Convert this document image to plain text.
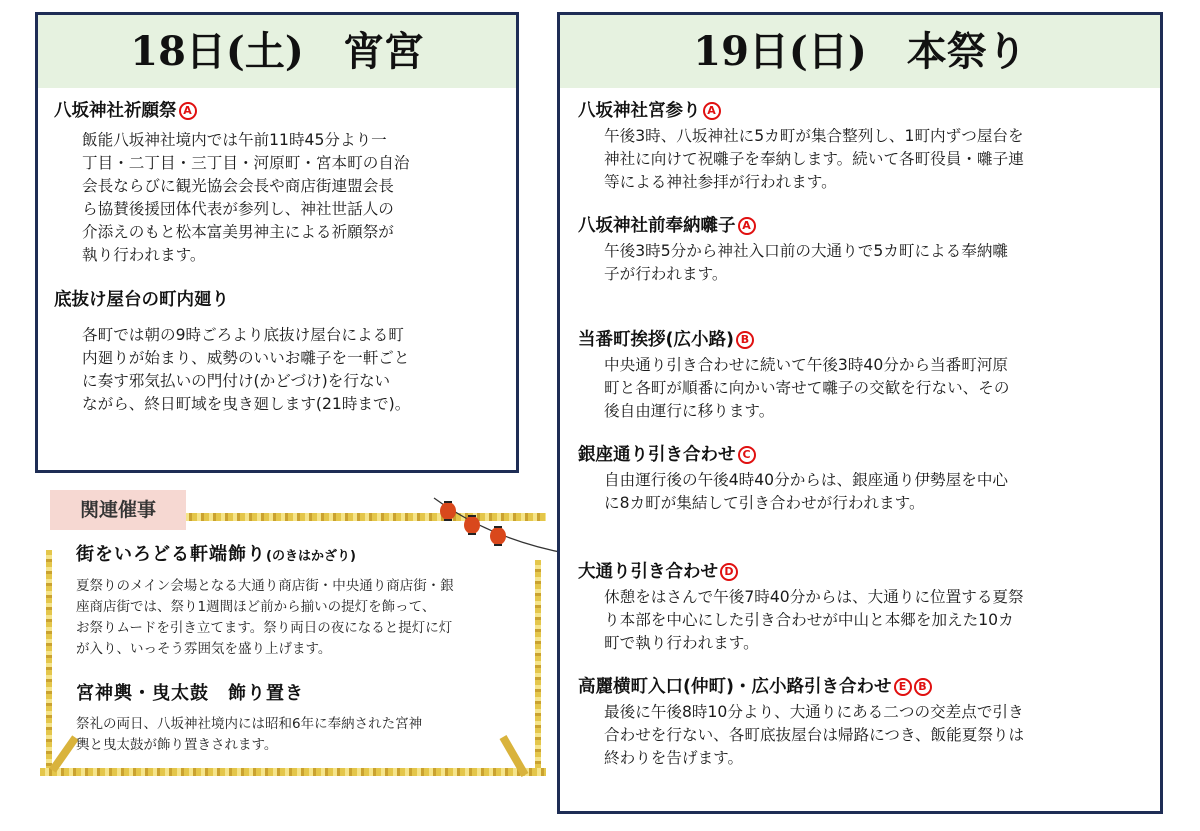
18日(土)　宵宮
八坂神社祈願祭 A
飯能八坂神社境内では午前11時45分より一
丁目・二丁目・三丁目・河原町・宮本町の自治
会長ならびに観光協会会長や商店街連盟会長
ら協賛後援団体代表が参列し、神社世話人の
介添えのもと松本富美男神主による祈願祭が
執り行われます。
底抜け屋台の町内廻り
各町では朝の9時ごろより底抜け屋台による町
内廻りが始まり、威勢のいいお囃子を一軒ごと
に奏す邪気払いの門付け(かどづけ)を行ない
ながら、終日町域を曳き廻します(21時まで)。
関連催事
街をいろどる軒端飾り(のきはかざり)
夏祭りのメイン会場となる大通り商店街・中央通り商店街・銀
座商店街では、祭り1週間ほど前から揃いの提灯を飾って、
お祭りムードを引き立てます。祭り両日の夜になると提灯に灯
が入り、いっそう雰囲気を盛り上げます。
宮神輿・曳太鼓　飾り置き
祭礼の両日、八坂神社境内には昭和6年に奉納された宮神
輿と曳太鼓が飾り置きされます。
19日(日)　本祭り
八坂神社宮参り A
午後3時、八坂神社に5カ町が集合整列し、1町内ずつ屋台を
神社に向けて祝囃子を奉納します。続いて各町役員・囃子連
等による神社参拝が行われます。
八坂神社前奉納囃子 A
午後3時5分から神社入口前の大通りで5カ町による奉納囃
子が行われます。
当番町挨拶(広小路) B
中央通り引き合わせに続いて午後3時40分から当番町河原
町と各町が順番に向かい寄せて囃子の交歓を行ない、その
後自由運行に移ります。
銀座通り引き合わせ C
自由運行後の午後4時40分からは、銀座通り伊勢屋を中心
に8カ町が集結して引き合わせが行われます。
大通り引き合わせ D
休憩をはさんで午後7時40分からは、大通りに位置する夏祭
り本部を中心にした引き合わせが中山と本郷を加えた10カ
町で執り行われます。
高麗横町入口(仲町)・広小路引き合わせ E B
最後に午後8時10分より、大通りにある二つの交差点で引き
合わせを行ない、各町底抜屋台は帰路につき、飯能夏祭りは
終わりを告げます。
